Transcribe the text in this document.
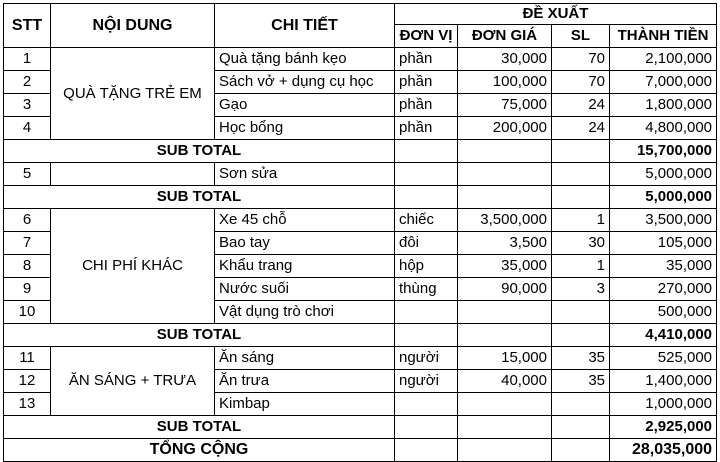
STT	NỘI DUNG	CHI TIẾT	ĐỀ XUẤT			
			ĐƠN VỊ	ĐƠN GIÁ	SL	THÀNH TIỀN
1	QUÀ TẶNG TRẺ EM	Quà tặng bánh kẹo	phần	30,000	70	2,100,000
2		Sách vở + dụng cụ học	phần	100,000	70	7,000,000
3		Gạo	phần	75,000	24	1,800,000
4		Học bổng	phần	200,000	24	4,800,000
SUB TOTAL						15,700,000
5		Sơn sửa				5,000,000
SUB TOTAL						5,000,000
6	CHI PHÍ KHÁC	Xe 45 chỗ	chiếc	3,500,000	1	3,500,000
7		Bao tay	đôi	3,500	30	105,000
8		Khẩu trang	hộp	35,000	1	35,000
9		Nước suối	thùng	90,000	3	270,000
10		Vật dụng trò chơi				500,000
SUB TOTAL						4,410,000
11	ĂN SÁNG + TRƯA	Ăn sáng	người	15,000	35	525,000
12		Ăn trưa	người	40,000	35	1,400,000
13		Kimbap				1,000,000
SUB TOTAL						2,925,000
TỔNG CỘNG						28,035,000
